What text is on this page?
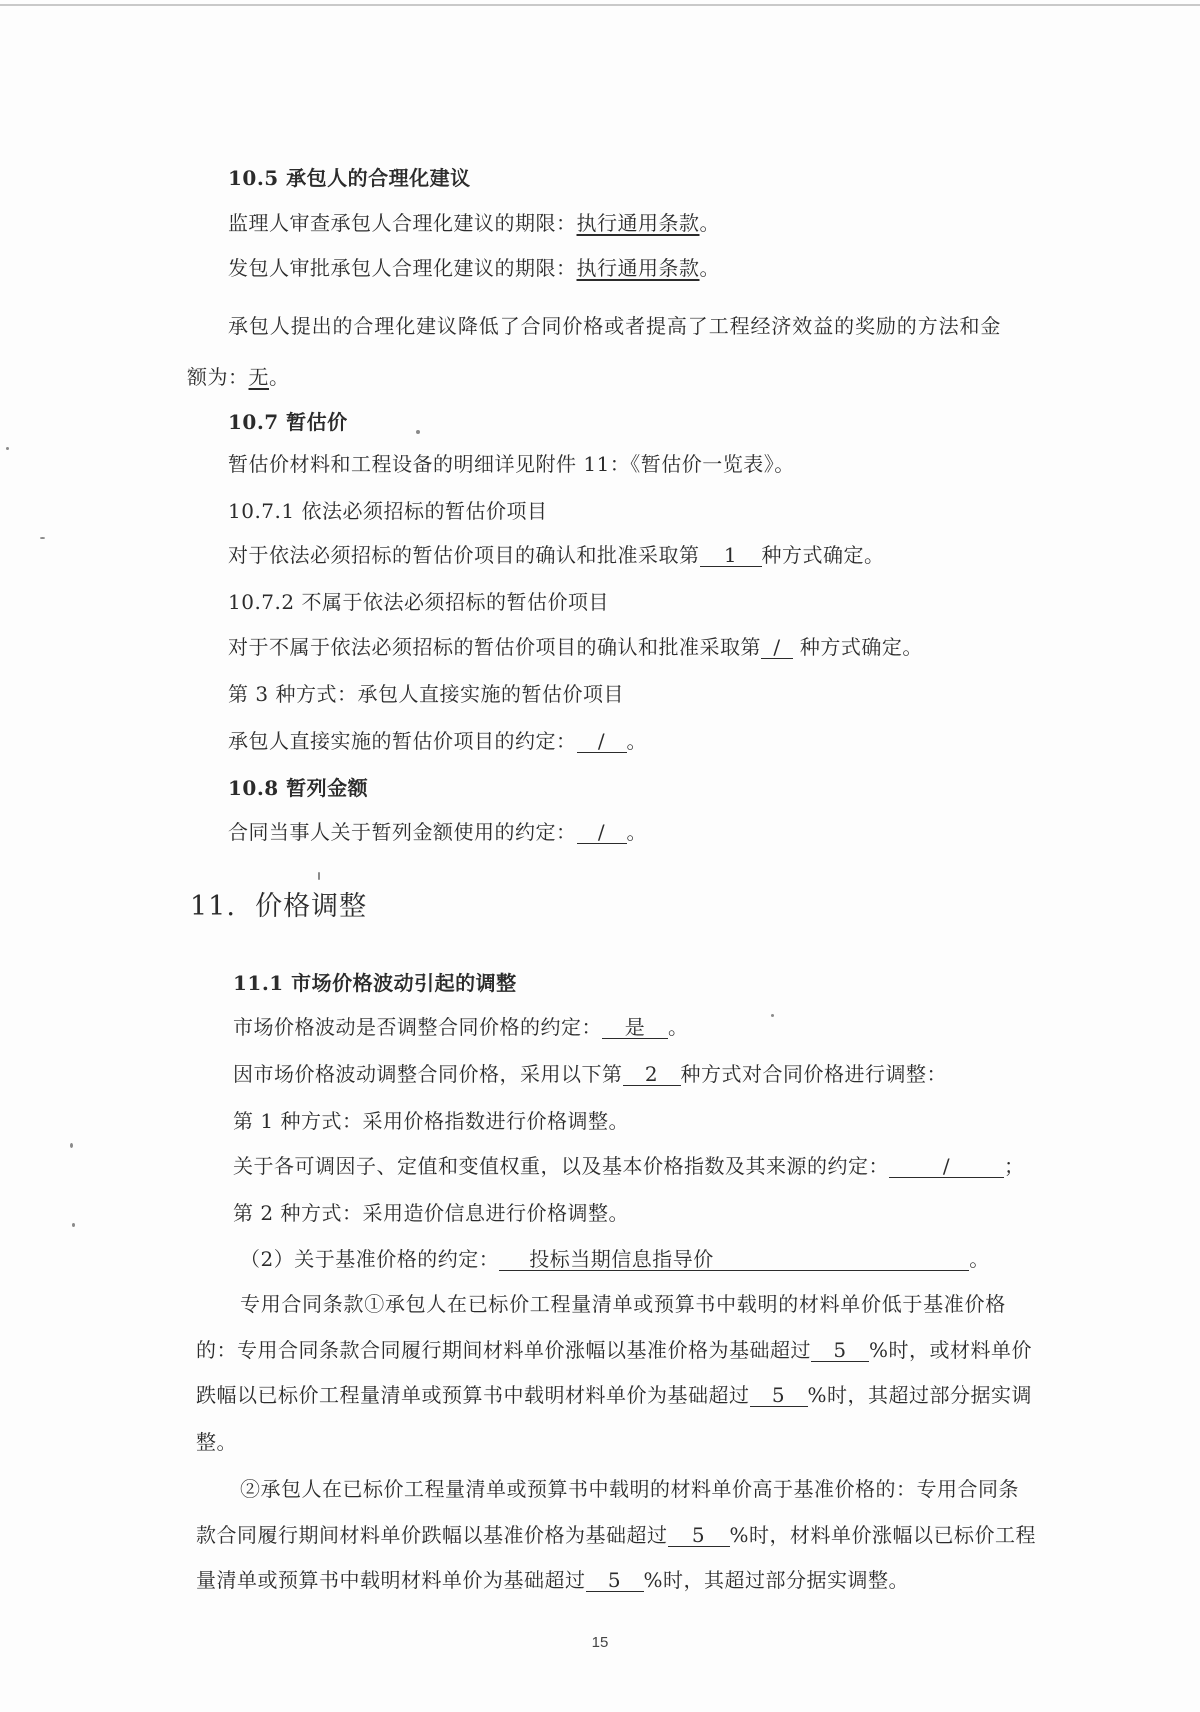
10.5 承包人的合理化建议
监理人审查承包人合理化建议的期限：执行通用条款。
发包人审批承包人合理化建议的期限：执行通用条款。
承包人提出的合理化建议降低了合同价格或者提高了工程经济效益的奖励的方法和金
额为：无。
10.7 暂估价
暂估价材料和工程设备的明细详见附件 11：《暂估价一览表》。
10.7.1 依法必须招标的暂估价项目
对于依法必须招标的暂估价项目的确认和批准采取第 1 种方式确定。
10.7.2 不属于依法必须招标的暂估价项目
对于不属于依法必须招标的暂估价项目的确认和批准采取第 / 种方式确定。
第 3 种方式：承包人直接实施的暂估价项目
承包人直接实施的暂估价项目的约定： / 。
10.8 暂列金额
合同当事人关于暂列金额使用的约定： / 。
11. 价格调整
11.1 市场价格波动引起的调整
市场价格波动是否调整合同价格的约定： 是 。
因市场价格波动调整合同价格，采用以下第 2 种方式对合同价格进行调整：
第 1 种方式：采用价格指数进行价格调整。
关于各可调因子、定值和变值权重，以及基本价格指数及其来源的约定：	/	；
第 2 种方式：采用造价信息进行价格调整。
（2）关于基准价格的约定： 投标当期信息指导价	。
专用合同条款①承包人在已标价工程量清单或预算书中载明的材料单价低于基准价格
的：专用合同条款合同履行期间材料单价涨幅以基准价格为基础超过 5 %时，或材料单价
跌幅以已标价工程量清单或预算书中载明材料单价为基础超过 5 %时，其超过部分据实调
整。
②承包人在已标价工程量清单或预算书中载明的材料单价高于基准价格的：专用合同条
款合同履行期间材料单价跌幅以基准价格为基础超过 5 %时，材料单价涨幅以已标价工程
量清单或预算书中载明材料单价为基础超过 5 %时，其超过部分据实调整。
15
